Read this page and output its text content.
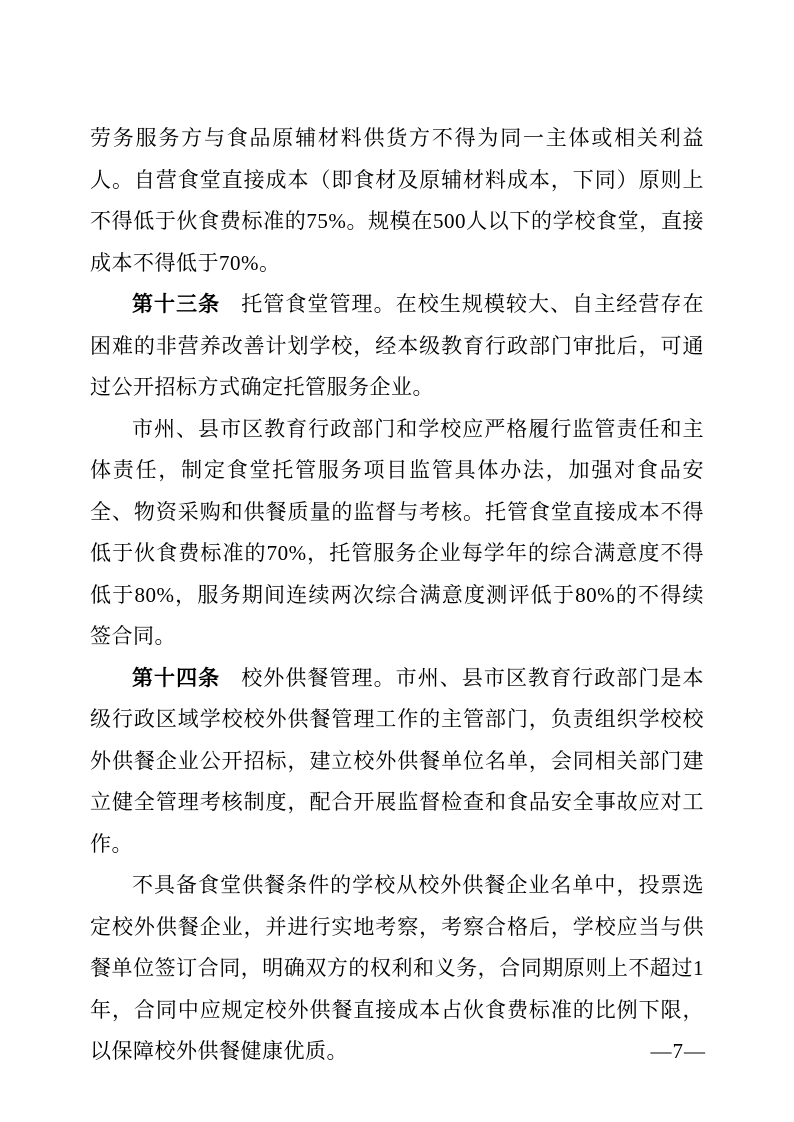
劳务服务方与食品原辅材料供货方不得为同一主体或相关利益人。自营食堂直接成本（即食材及原辅材料成本，下同）原则上不得低于伙食费标准的75%。规模在500人以下的学校食堂，直接成本不得低于70%。

第十三条 托管食堂管理。在校生规模较大、自主经营存在困难的非营养改善计划学校，经本级教育行政部门审批后，可通过公开招标方式确定托管服务企业。

市州、县市区教育行政部门和学校应严格履行监管责任和主体责任，制定食堂托管服务项目监管具体办法，加强对食品安全、物资采购和供餐质量的监督与考核。托管食堂直接成本不得低于伙食费标准的70%，托管服务企业每学年的综合满意度不得低于80%，服务期间连续两次综合满意度测评低于80%的不得续签合同。

第十四条 校外供餐管理。市州、县市区教育行政部门是本级行政区域学校校外供餐管理工作的主管部门，负责组织学校校外供餐企业公开招标，建立校外供餐单位名单，会同相关部门建立健全管理考核制度，配合开展监督检查和食品安全事故应对工作。

不具备食堂供餐条件的学校从校外供餐企业名单中，投票选定校外供餐企业，并进行实地考察，考察合格后，学校应当与供餐单位签订合同，明确双方的权利和义务，合同期原则上不超过1年，合同中应规定校外供餐直接成本占伙食费标准的比例下限，以保障校外供餐健康优质。	—7—
